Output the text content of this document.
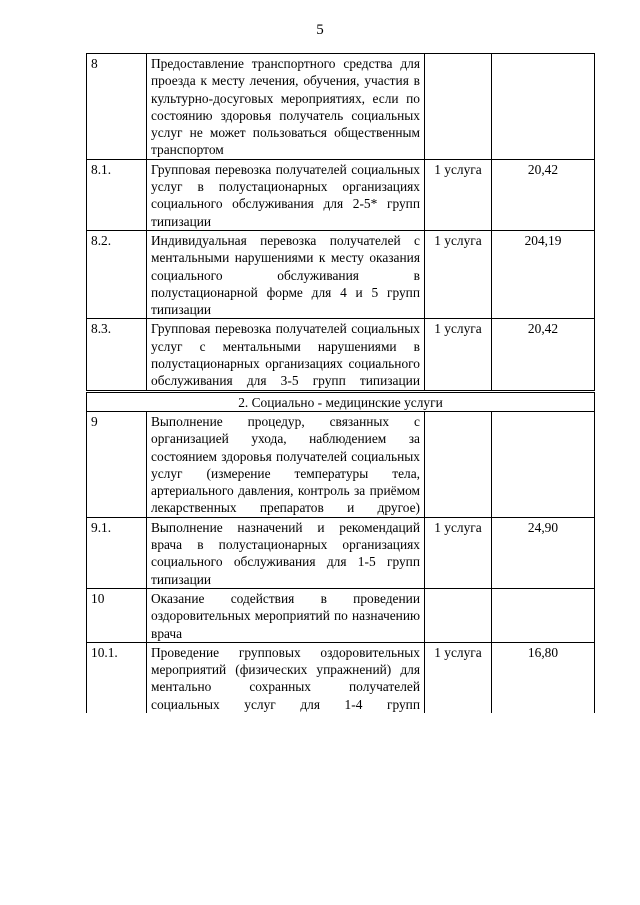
5
8	Предоставление транспортного средства для проезда к месту лечения, обучения, участия в культурно-досуговых мероприятиях, если по состоянию здоровья получатель социальных услуг не может пользоваться общественным транспортом		
8.1.	Групповая перевозка получателей социальных услуг в полустационарных организациях социального обслуживания для 2-5* групп типизации	1 услуга	20,42
8.2.	Индивидуальная перевозка получателей с ментальными нарушениями к месту оказания социального обслуживания в полустационарной форме для 4 и 5 групп типизации	1 услуга	204,19
8.3.	Групповая перевозка получателей социальных услуг с ментальными нарушениями в полустационарных организациях социального обслуживания для 3-5 групп типизации	1 услуга	20,42
2. Социально - медицинские услуги			
9	Выполнение процедур, связанных с организацией ухода, наблюдением за состоянием здоровья получателей социальных услуг (измерение температуры тела, артериального давления, контроль за приёмом лекарственных препаратов и другое)		
9.1.	Выполнение назначений и рекомендаций врача в полустационарных организациях социального обслуживания для 1-5 групп типизации	1 услуга	24,90
10	Оказание содействия в проведении оздоровительных мероприятий по назначению врача		
10.1.	Проведение групповых оздоровительных мероприятий (физических упражнений) для ментально сохранных получателей социальных услуг для 1-4 групп	1 услуга	16,80
